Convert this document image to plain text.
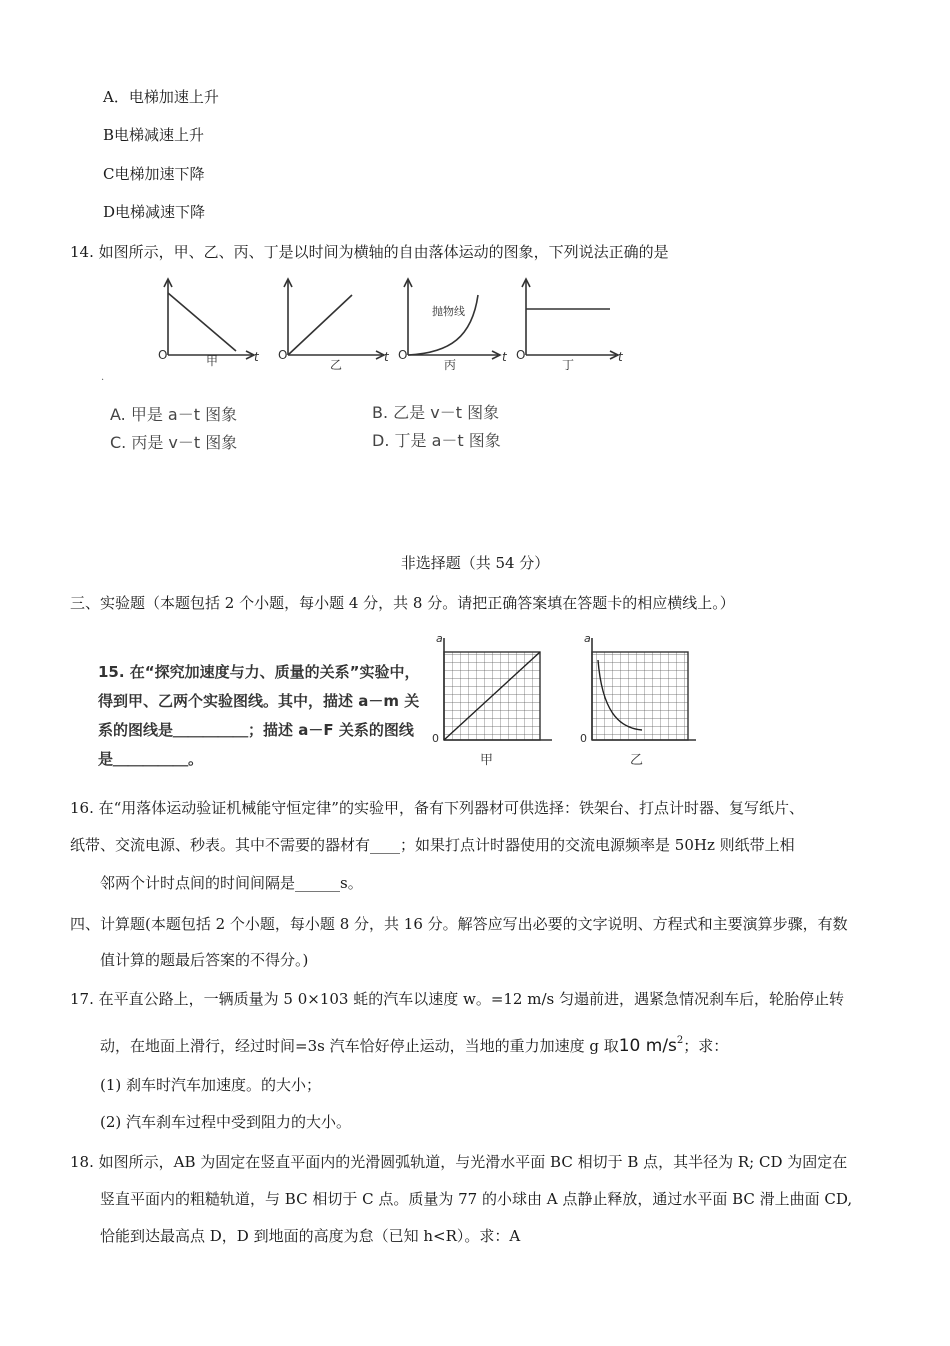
A．电梯加速上升
B电梯减速上升
C电梯加速下降
D电梯减速下降
14. 如图所示，甲、乙、丙、丁是以时间为横轴的自由落体运动的图象，下列说法正确的是
O	甲	t O
乙
t O
丙
t
抛物线
O
丁
t
·
A. 甲是 a－t 图象	B. 乙是 v－t 图象
C. 丙是 v－t 图象	D. 丁是 a－t 图象
非选择题（共 54 分）
三、实验题（本题包括 2 个小题，每小题 4 分，共 8 分。请把正确答案填在答题卡的相应横线上。）
15. 在“探究加速度与力、质量的关系”实验中，
得到甲、乙两个实验图线。其中，描述 a－m 关
系的图线是＿＿＿＿＿；描述 a－F 关系的图线
是＿＿＿＿＿。
a
0
a
0
甲	乙
16. 在“用落体运动验证机械能守恒定律”的实验甲，备有下列器材可供选择：铁架台、打点计时器、复写纸片、
纸带、交流电源、秒表。其中不需要的器材有____；如果打点计时器使用的交流电源频率是 50Hz 则纸带上相
邻两个计时点间的时间间隔是______s。
四、计算题(本题包括 2 个小题，每小题 8 分，共 16 分。解答应写出必要的文字说明、方程式和主要演算步骤，有数
值计算的题最后答案的不得分。)
17. 在平直公路上，一辆质量为 5 0×103 蚝的汽车以速度 w。=12 m/s 匀遢前进，遇紧急情况刹车后，轮胎停止转
动，在地面上滑行，经过时间=3s 汽车恰好停止运动，当地的重力加速度 g 取10 $m/s^2$；求：
(1) 刹车时汽车加速度。的大小；
(2) 汽车刹车过程中受到阻力的大小。
18. 如图所示，AB 为固定在竖直平面内的光滑圆弧轨道，与光滑水平面 BC 相切于 B 点，其半径为 R; CD 为固定在
竖直平面内的粗糙轨道，与 BC 相切于 C 点。质量为 77 的小球由 A 点静止释放，通过水平面 BC 滑上曲面 CD,
恰能到达最高点 D，D 到地面的高度为怠（已知 h<R）。求：A
